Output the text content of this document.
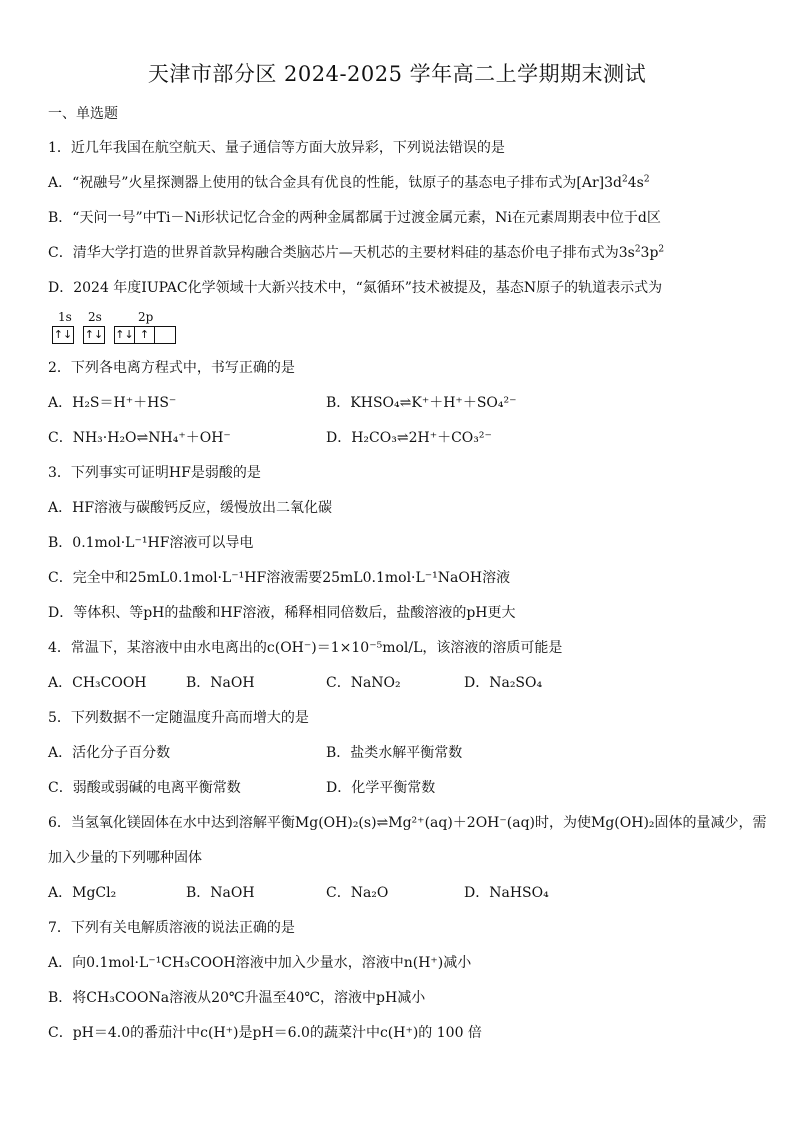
天津市部分区 2024-2025 学年高二上学期期末测试
一、单选题
1．近几年我国在航空航天、量子通信等方面大放异彩，下列说法错误的是
A．“祝融号”火星探测器上使用的钛合金具有优良的性能，钛原子的基态电子排布式为$[Ar]3d^24s^2$
B．“天问一号”中Ti－Ni形状记忆合金的两种金属都属于过渡金属元素，Ni在元素周期表中位于d区
C．清华大学打造的世界首款异构融合类脑芯片—天机芯的主要材料硅的基态价电子排布式为$3s^23p^2$
D．2024 年度IUPAC化学领域十大新兴技术中，“氮循环”技术被提及，基态N原子的轨道表示式为
1s 2s	2p
↑↓ ↑↓ ↑↓ ↑
2．下列各电离方程式中，书写正确的是
A．H₂S＝H⁺＋HS⁻	B．KHSO₄⇌K⁺＋H⁺＋SO₄²⁻
C．NH₃·H₂O⇌NH₄⁺＋OH⁻	D．H₂CO₃⇌2H⁺＋CO₃²⁻
3．下列事实可证明HF是弱酸的是
A．HF溶液与碳酸钙反应，缓慢放出二氧化碳
B．0.1mol·L⁻¹HF溶液可以导电
C．完全中和25mL0.1mol·L⁻¹HF溶液需要25mL0.1mol·L⁻¹NaOH溶液
D．等体积、等pH的盐酸和HF溶液，稀释相同倍数后，盐酸溶液的pH更大
4．常温下，某溶液中由水电离出的c(OH⁻)＝1×10⁻⁵mol/L，该溶液的溶质可能是
A．CH₃COOH	B．NaOH	C．NaNO₂	D．Na₂SO₄
5．下列数据不一定随温度升高而增大的是
A．活化分子百分数	B．盐类水解平衡常数
C．弱酸或弱碱的电离平衡常数	D．化学平衡常数
6．当氢氧化镁固体在水中达到溶解平衡Mg(OH)₂(s)⇌Mg²⁺(aq)＋2OH⁻(aq)时，为使Mg(OH)₂固体的量减少，需
加入少量的下列哪种固体
A．MgCl₂	B．NaOH	C．Na₂O	D．NaHSO₄
7．下列有关电解质溶液的说法正确的是
A．向0.1mol·L⁻¹CH₃COOH溶液中加入少量水，溶液中n(H⁺)减小
B．将CH₃COONa溶液从20℃升温至40℃，溶液中pH减小
C．pH＝4.0的番茄汁中c(H⁺)是pH＝6.0的蔬菜汁中c(H⁺)的 100 倍
